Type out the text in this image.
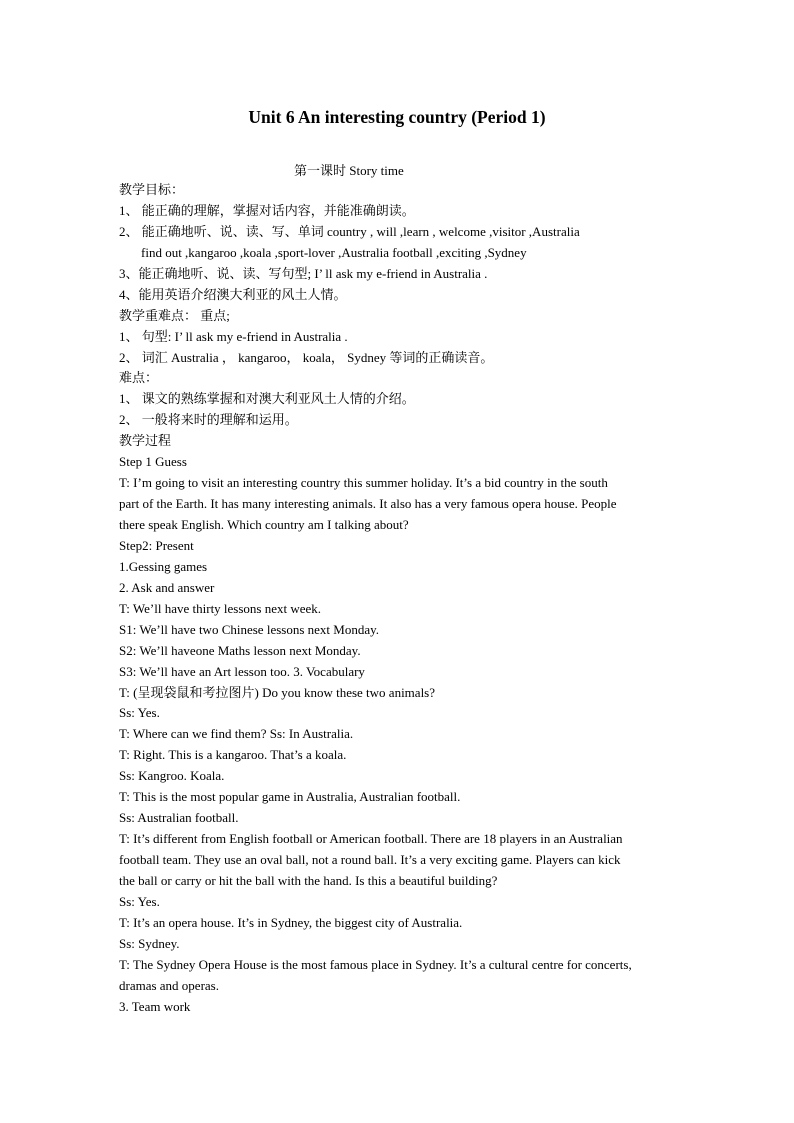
Unit 6 An interesting country (Period 1)
第一课时 Story time
教学目标：
1、 能正确的理解，掌握对话内容，并能准确朗读。
2、 能正确地听、说、读、写、单词 country , will ,learn , welcome ,visitor ,Australia
find out ,kangaroo ,koala ,sport-lover ,Australia football ,exciting ,Sydney
3、能正确地听、说、读、写句型; I’ ll ask my e-friend in Australia .
4、能用英语介绍澳大利亚的风土人情。
教学重难点： 重点;
1、 句型: I’ ll ask my e-friend in Australia .
2、 词汇 Australia ， kangaroo， koala， Sydney 等词的正确读音。
难点：
1、 课文的熟练掌握和对澳大利亚风土人情的介绍。
2、 一般将来时的理解和运用。
教学过程
Step 1 Guess
T: I’m going to visit an interesting country this summer holiday. It’s a bid country in the south
part of the Earth. It has many interesting animals. It also has a very famous opera house. People
there speak English. Which country am I talking about?
Step2: Present
1.Gessing games
2. Ask and answer
T: We’ll have thirty lessons next week.
S1: We’ll have two Chinese lessons next Monday.
S2: We’ll haveone Maths lesson next Monday.
S3: We’ll have an Art lesson too. 3. Vocabulary
T: (呈现袋鼠和考拉图片) Do you know these two animals?
Ss: Yes.
T: Where can we find them? Ss: In Australia.
T: Right. This is a kangaroo. That’s a koala.
Ss: Kangroo. Koala.
T: This is the most popular game in Australia, Australian football.
Ss: Australian football.
T: It’s different from English football or American football. There are 18 players in an Australian
football team. They use an oval ball, not a round ball. It’s a very exciting game. Players can kick
the ball or carry or hit the ball with the hand. Is this a beautiful building?
Ss: Yes.
T: It’s an opera house. It’s in Sydney, the biggest city of Australia.
Ss: Sydney.
T: The Sydney Opera House is the most famous place in Sydney. It’s a cultural centre for concerts,
dramas and operas.
3. Team work
